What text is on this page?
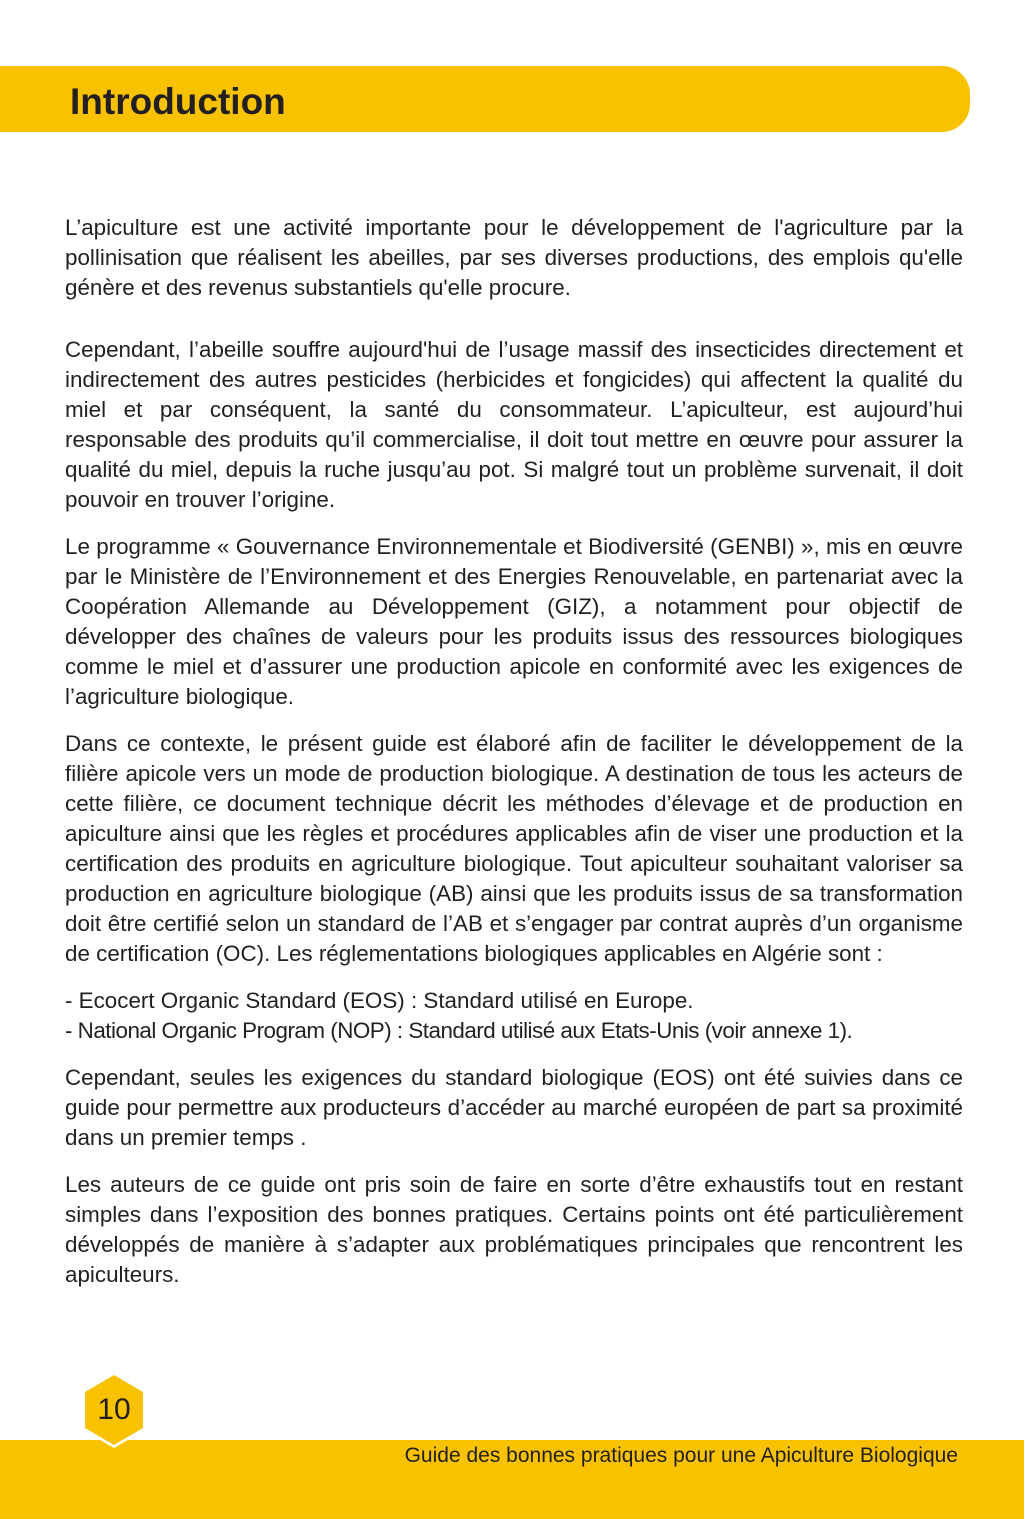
Introduction

L’apiculture est une activité importante pour le développement de l'agriculture par la pollinisation que réalisent les abeilles, par ses diverses productions, des emplois qu'elle génère et des revenus substantiels qu'elle procure.

Cependant, l’abeille souffre aujourd'hui de l’usage massif des insecticides directement et indirectement des autres pesticides (herbicides et fongicides) qui affectent la qualité du miel et par conséquent, la santé du consommateur. L’apiculteur, est aujourd’hui responsable des produits qu’il commercialise, il doit tout mettre en œuvre pour assurer la qualité du miel, depuis la ruche jusqu’au pot. Si malgré tout un problème survenait, il doit pouvoir en trouver l’origine.

Le programme « Gouvernance Environnementale et Biodiversité (GENBI) », mis en œuvre par le Ministère de l’Environnement et des Energies Renouvelable, en partenariat avec la Coopération Allemande au Développement (GIZ), a notamment pour objectif de développer des chaînes de valeurs pour les produits issus des ressources biologiques comme le miel et d’assurer une production apicole en conformité avec les exigences de l’agriculture biologique.

Dans ce contexte, le présent guide est élaboré afin de faciliter le développement de la filière apicole vers un mode de production biologique. A destination de tous les acteurs de cette filière, ce document technique décrit les méthodes d’élevage et de production en apiculture ainsi que les règles et procédures applicables afin de viser une production et la certification des produits en agriculture biologique. Tout apiculteur souhaitant valoriser sa production en agriculture biologique (AB) ainsi que les produits issus de sa transformation doit être certifié selon un standard de l’AB et s’engager par contrat auprès d’un organisme de certification (OC). Les réglementations biologiques applicables en Algérie sont :

- Ecocert Organic Standard (EOS) : Standard utilisé en Europe.
- National Organic Program (NOP) : Standard utilisé aux Etats-Unis (voir annexe 1).

Cependant, seules les exigences du standard biologique (EOS) ont été suivies dans ce guide pour permettre aux producteurs d’accéder au marché européen de part sa proximité dans un premier temps .

Les auteurs de ce guide ont pris soin de faire en sorte d’être exhaustifs tout en restant simples dans l’exposition des bonnes pratiques. Certains points ont été particulièrement développés de manière à s’adapter aux problématiques principales que rencontrent les apiculteurs.

Guide des bonnes pratiques pour une Apiculture Biologique
10
